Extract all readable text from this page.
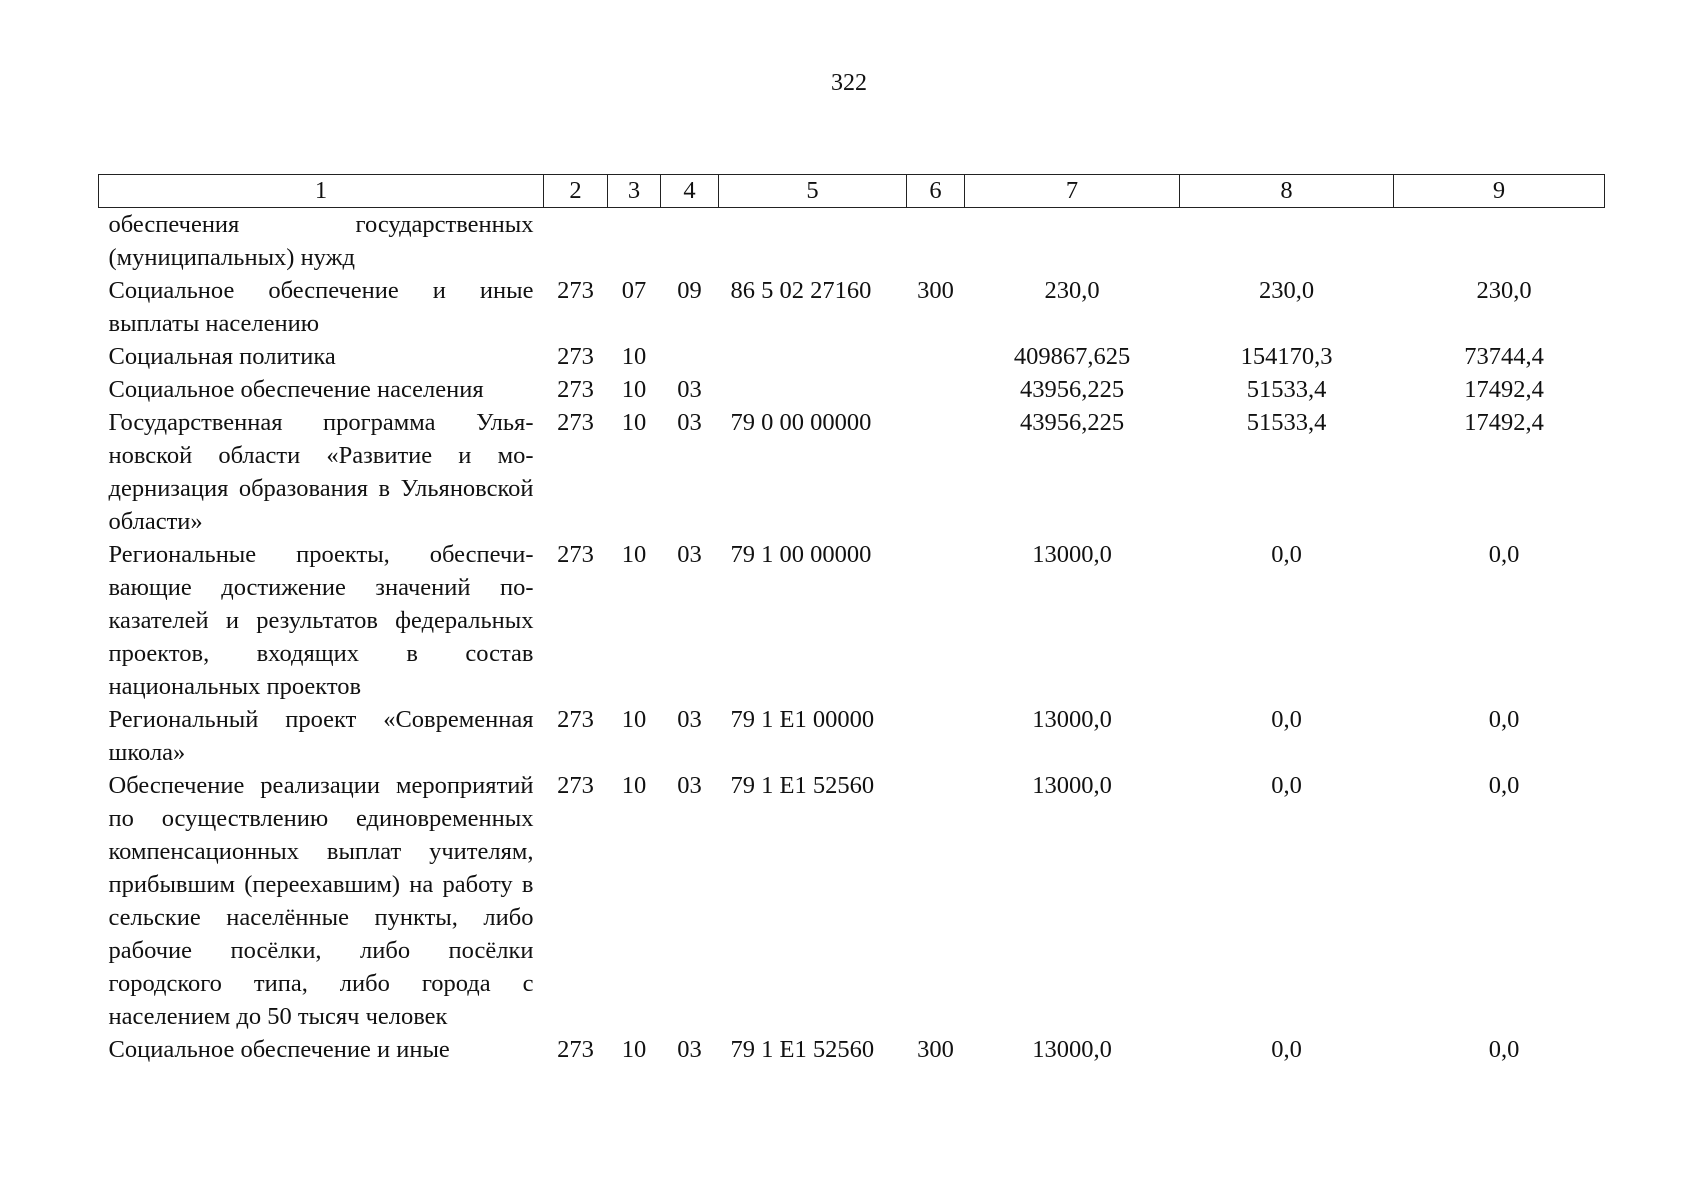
322
1	2	3	4	5	6	7	8	9
обеспечения государственных (муниципальных) нужд								
Социальное обеспечение и иные выплаты населению	273	07	09	86 5 02 27160	300	230,0	230,0	230,0
Социальная политика	273	10				409867,625	154170,3	73744,4
Социальное обеспечение населения	273	10	03			43956,225	51533,4	17492,4
Государственная программа Ульяновской области «Развитие и модернизация образования в Ульяновской области»	273	10	03	79 0 00 00000		43956,225	51533,4	17492,4
Региональные проекты, обеспечивающие достижение значений показателей и результатов федеральных проектов, входящих в состав национальных проектов	273	10	03	79 1 00 00000		13000,0	0,0	0,0
Региональный проект «Современная школа»	273	10	03	79 1 E1 00000		13000,0	0,0	0,0
Обеспечение реализации мероприятий по осуществлению единовременных компенсационных выплат учителям, прибывшим (переехавшим) на работу в сельские населённые пункты, либо рабочие посёлки, либо посёлки городского типа, либо города с населением до 50 тысяч человек	273	10	03	79 1 E1 52560		13000,0	0,0	0,0
Социальное обеспечение и иные	273	10	03	79 1 E1 52560	300	13000,0	0,0	0,0
